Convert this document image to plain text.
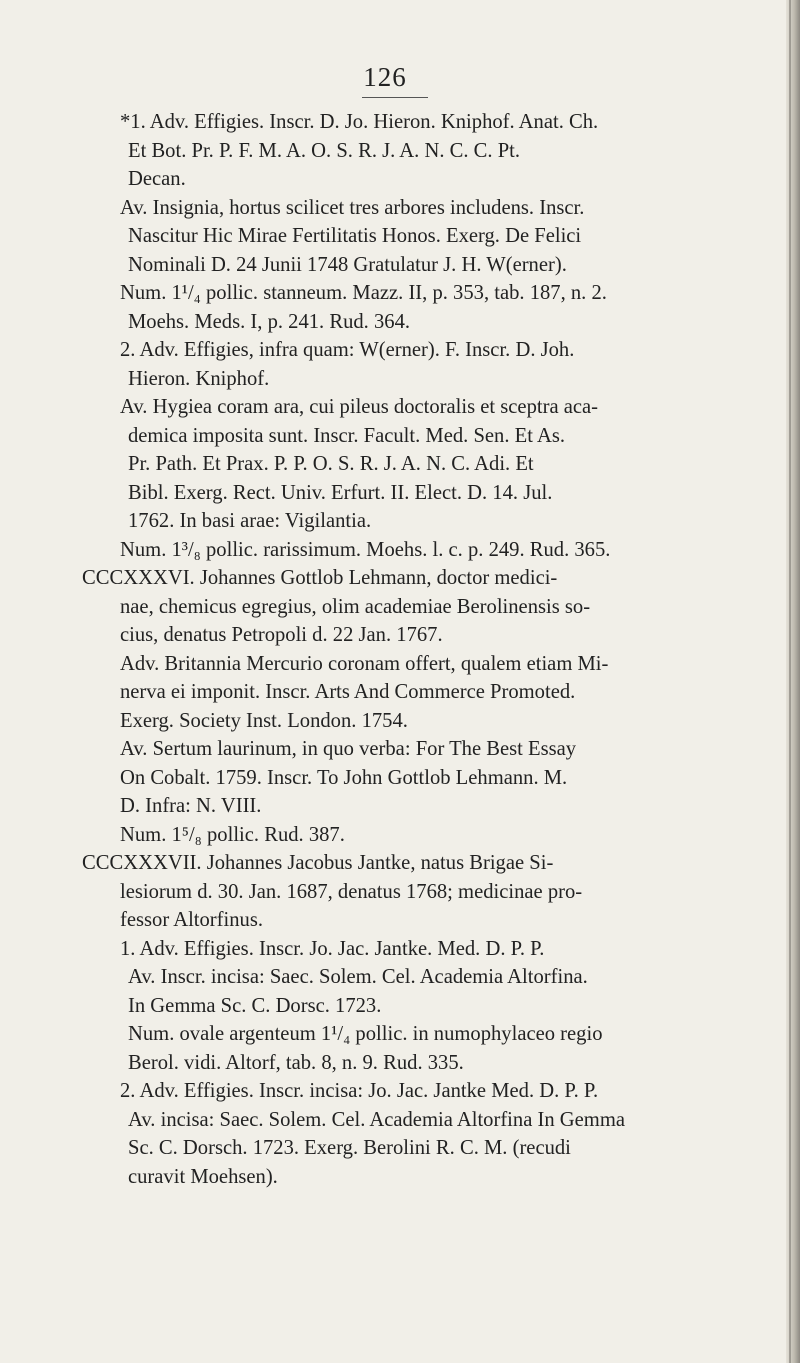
126
*1. Adv. Effigies. Inscr. D. Jo. Hieron. Kniphof. Anat. Ch.
Et Bot. Pr. P. F. M. A. O. S. R. J. A. N. C. C. Pt.
Decan.
Av. Insignia, hortus scilicet tres arbores includens. Inscr.
Nascitur Hic Mirae Fertilitatis Honos. Exerg. De Felici
Nominali D. 24 Junii 1748 Gratulatur J. H. W(erner).
Num. 1¹/₄ pollic. stanneum. Mazz. II, p. 353, tab. 187, n. 2.
Moehs. Meds. I, p. 241. Rud. 364.
2. Adv. Effigies, infra quam: W(erner). F. Inscr. D. Joh.
Hieron. Kniphof.
Av. Hygiea coram ara, cui pileus doctoralis et sceptra aca-
demica imposita sunt. Inscr. Facult. Med. Sen. Et As.
Pr. Path. Et Prax. P. P. O. S. R. J. A. N. C. Adi. Et
Bibl. Exerg. Rect. Univ. Erfurt. II. Elect. D. 14. Jul.
1762. In basi arae: Vigilantia.
Num. 1³/₈ pollic. rarissimum. Moehs. l. c. p. 249. Rud. 365.
CCCXXXVI. Johannes Gottlob Lehmann, doctor medici-
nae, chemicus egregius, olim academiae Berolinensis so-
cius, denatus Petropoli d. 22 Jan. 1767.
Adv. Britannia Mercurio coronam offert, qualem etiam Mi-
nerva ei imponit. Inscr. Arts And Commerce Promoted.
Exerg. Society Inst. London. 1754.
Av. Sertum laurinum, in quo verba: For The Best Essay
On Cobalt. 1759. Inscr. To John Gottlob Lehmann. M.
D. Infra: N. VIII.
Num. 1⁵/₈ pollic. Rud. 387.
CCCXXXVII. Johannes Jacobus Jantke, natus Brigae Si-
lesiorum d. 30. Jan. 1687, denatus 1768; medicinae pro-
fessor Altorfinus.
1. Adv. Effigies. Inscr. Jo. Jac. Jantke. Med. D. P. P.
Av. Inscr. incisa: Saec. Solem. Cel. Academia Altorfina.
In Gemma Sc. C. Dorsc. 1723.
Num. ovale argenteum 1¹/₄ pollic. in numophylaceo regio
Berol. vidi. Altorf, tab. 8, n. 9. Rud. 335.
2. Adv. Effigies. Inscr. incisa: Jo. Jac. Jantke Med. D. P. P.
Av. incisa: Saec. Solem. Cel. Academia Altorfina In Gemma
Sc. C. Dorsch. 1723. Exerg. Berolini R. C. M. (recudi
curavit Moehsen).
